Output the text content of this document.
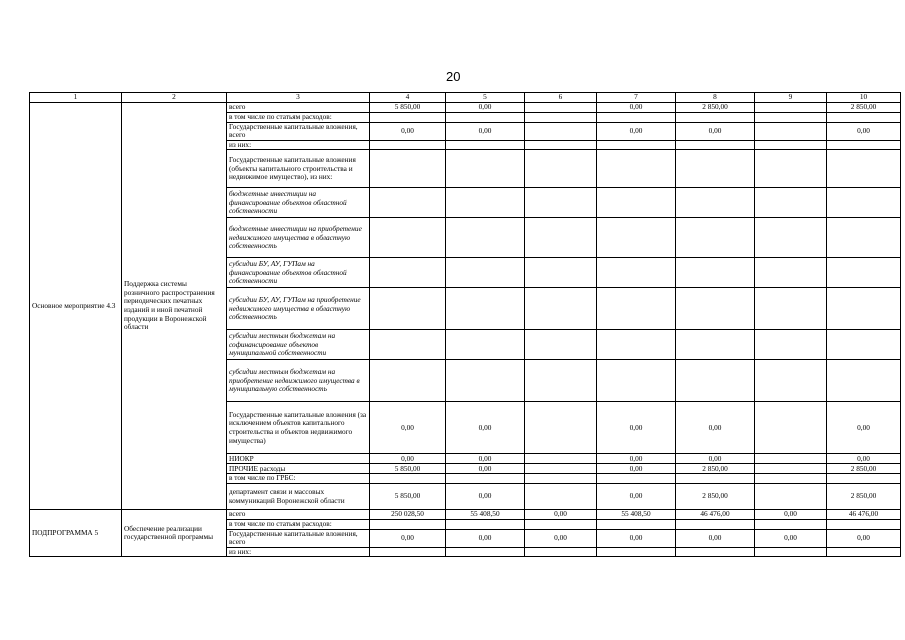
20
1	2	3	4	5	6	7	8	9	10
Основное мероприятие 4.3	Поддержка системы розничного распространения периодических печатных изданий и иной печатной продукции в Воронежской области	всего	5 850,00	0,00		0,00	2 850,00		2 850,00
		в том числе по статьям расходов:							
		Государственные капитальные вложения, всего	0,00	0,00		0,00	0,00		0,00
		из них:							
		Государственные капитальные вложения (объекты капитального строительства и недвижимое имущество), из них:							
		бюджетные инвестиции на финансирование объектов областной собственности							
		бюджетные инвестиции на приобретение недвижимого имущества в областную собственность							
		субсидии БУ, АУ, ГУПам на финансирование объектов областной собственности							
		субсидии БУ, АУ, ГУПам на приобретение недвижимого имущества в областную собственность							
		субсидии местным бюджетам на софинансирование объектов муниципальной собственности							
		субсидии местным бюджетам на приобретение недвижимого имущества в муниципальную собственность							
		Государственные капитальные вложения (за исключением объектов капитального строительства и объектов недвижимого имущества)	0,00	0,00		0,00	0,00		0,00
		НИОКР	0,00	0,00		0,00	0,00		0,00
		ПРОЧИЕ расходы	5 850,00	0,00		0,00	2 850,00		2 850,00
		в том числе по ГРБС:							
		департамент связи и массовых коммуникаций Воронежской области	5 850,00	0,00		0,00	2 850,00		2 850,00
ПОДПРОГРАММА 5	Обеспечение реализации государственной программы	всего	250 028,50	55 408,50	0,00	55 408,50	46 476,00	0,00	46 476,00
		в том числе по статьям расходов:							
		Государственные капитальные вложения, всего	0,00	0,00	0,00	0,00	0,00	0,00	0,00
		из них:							
